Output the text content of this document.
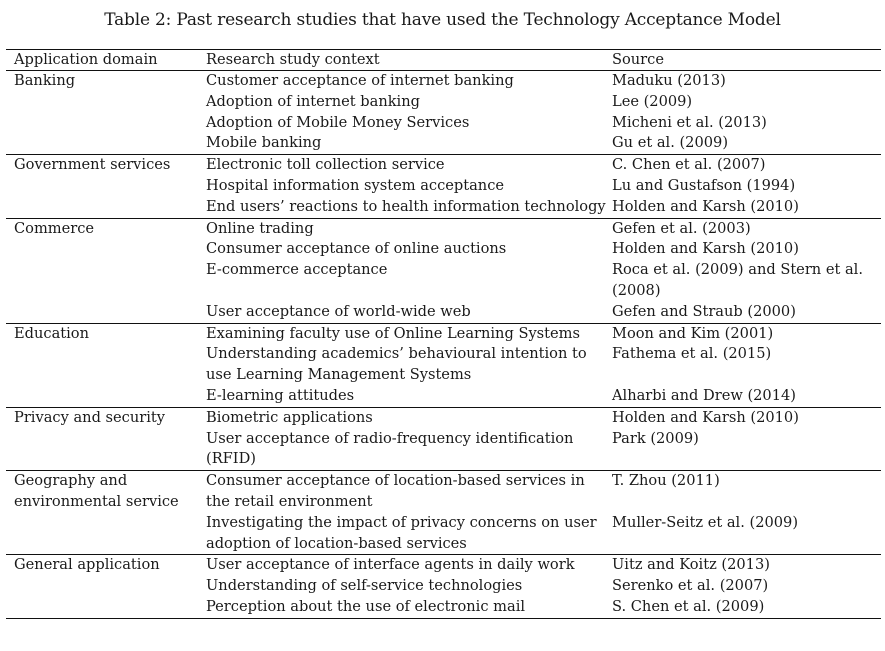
Table 2: Past research studies that have used the Technology Acceptance Model
Application domain	Research study context	Source
Banking	Customer acceptance of internet banking	Maduku (2013)
	Adoption of internet banking	Lee (2009)
	Adoption of Mobile Money Services	Micheni et al. (2013)
	Mobile banking	Gu et al. (2009)
Government services	Electronic toll collection service	C. Chen et al. (2007)
	Hospital information system acceptance	Lu and Gustafson (1994)
	End users’ reactions to health information technology	Holden and Karsh (2010)
Commerce	Online trading	Gefen et al. (2003)
	Consumer acceptance of online auctions	Holden and Karsh (2010)
	E-commerce acceptance	Roca et al. (2009) and Stern et al. (2008)
	User acceptance of world-wide web	Gefen and Straub (2000)
Education	Examining faculty use of Online Learning Systems	Moon and Kim (2001)
	Understanding academics’ behavioural intention to use Learning Management Systems	Fathema et al. (2015)
	E-learning attitudes	Alharbi and Drew (2014)
Privacy and security	Biometric applications	Holden and Karsh (2010)
	User acceptance of radio-frequency identification (RFID)	Park (2009)
Geography and environmental service	Consumer acceptance of location-based services in the retail environment	T. Zhou (2011)
	Investigating the impact of privacy concerns on user adoption of location-based services	Muller-Seitz et al. (2009)
General application	User acceptance of interface agents in daily work	Uitz and Koitz (2013)
	Understanding of self-service technologies	Serenko et al. (2007)
	Perception about the use of electronic mail	S. Chen et al. (2009)
